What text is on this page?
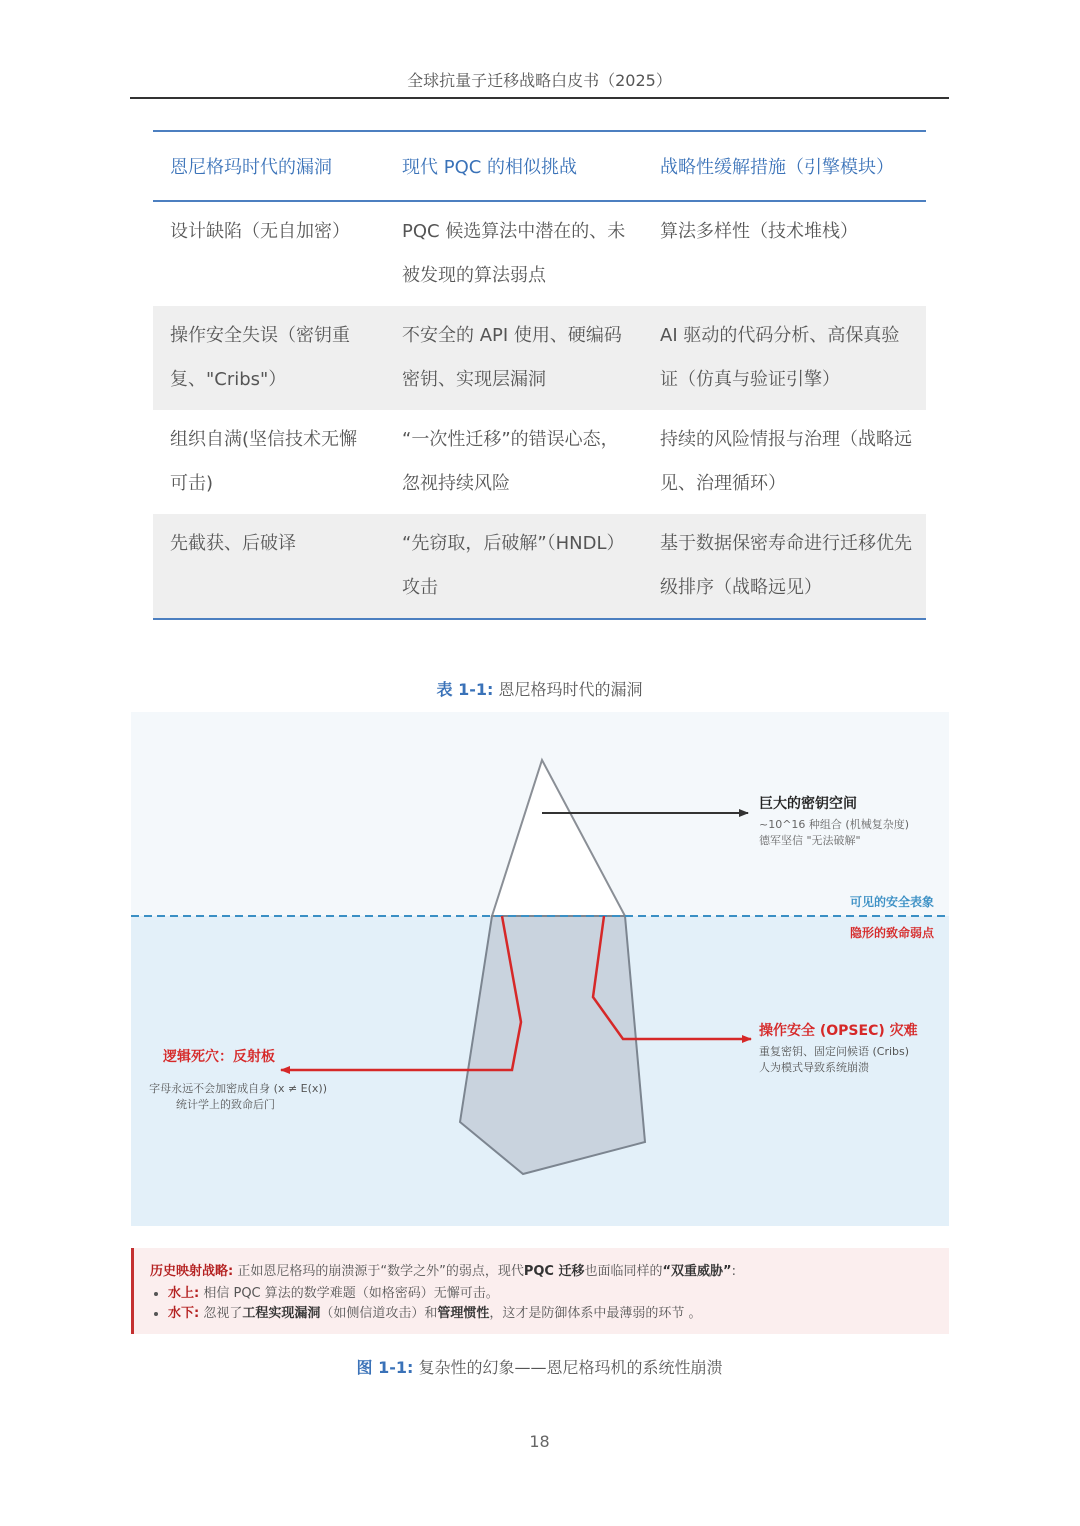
全球抗量子迁移战略白皮书（2025）
恩尼格玛时代的漏洞	现代 PQC 的相似挑战	战略性缓解措施（引擎模块）
设计缺陷（无自加密）	PQC 候选算法中潜在的、未被发现的算法弱点	算法多样性（技术堆栈）
操作安全失误（密钥重复、"Cribs"）	不安全的 API 使用、硬编码密钥、实现层漏洞	AI 驱动的代码分析、高保真验证（仿真与验证引擎）
组织自满(坚信技术无懈可击)	“一次性迁移”的错误心态，忽视持续风险	持续的风险情报与治理（战略远见、治理循环）
先截获、后破译	“先窃取，后破解”（HNDL）攻击	基于数据保密寿命进行迁移优先级排序（战略远见）
表 1-1: 恩尼格玛时代的漏洞
巨大的密钥空间
~10^16 种组合 (机械复杂度)
德军坚信 "无法破解"
可见的安全表象
隐形的致命弱点
操作安全 (OPSEC) 灾难
重复密钥、固定问候语 (Cribs)
人为模式导致系统崩溃
逻辑死穴：反射板
字母永远不会加密成自身 (x ≠ E(x))
统计学上的致命后门
历史映射战略: 正如恩尼格玛的崩溃源于“数学之外”的弱点，现代PQC 迁移也面临同样的“双重威胁”:
• 水上: 相信 PQC 算法的数学难题（如格密码）无懈可击。
• 水下: 忽视了工程实现漏洞（如侧信道攻击）和管理惯性，这才是防御体系中最薄弱的环节 。
图 1-1: 复杂性的幻象——恩尼格玛机的系统性崩溃
18
